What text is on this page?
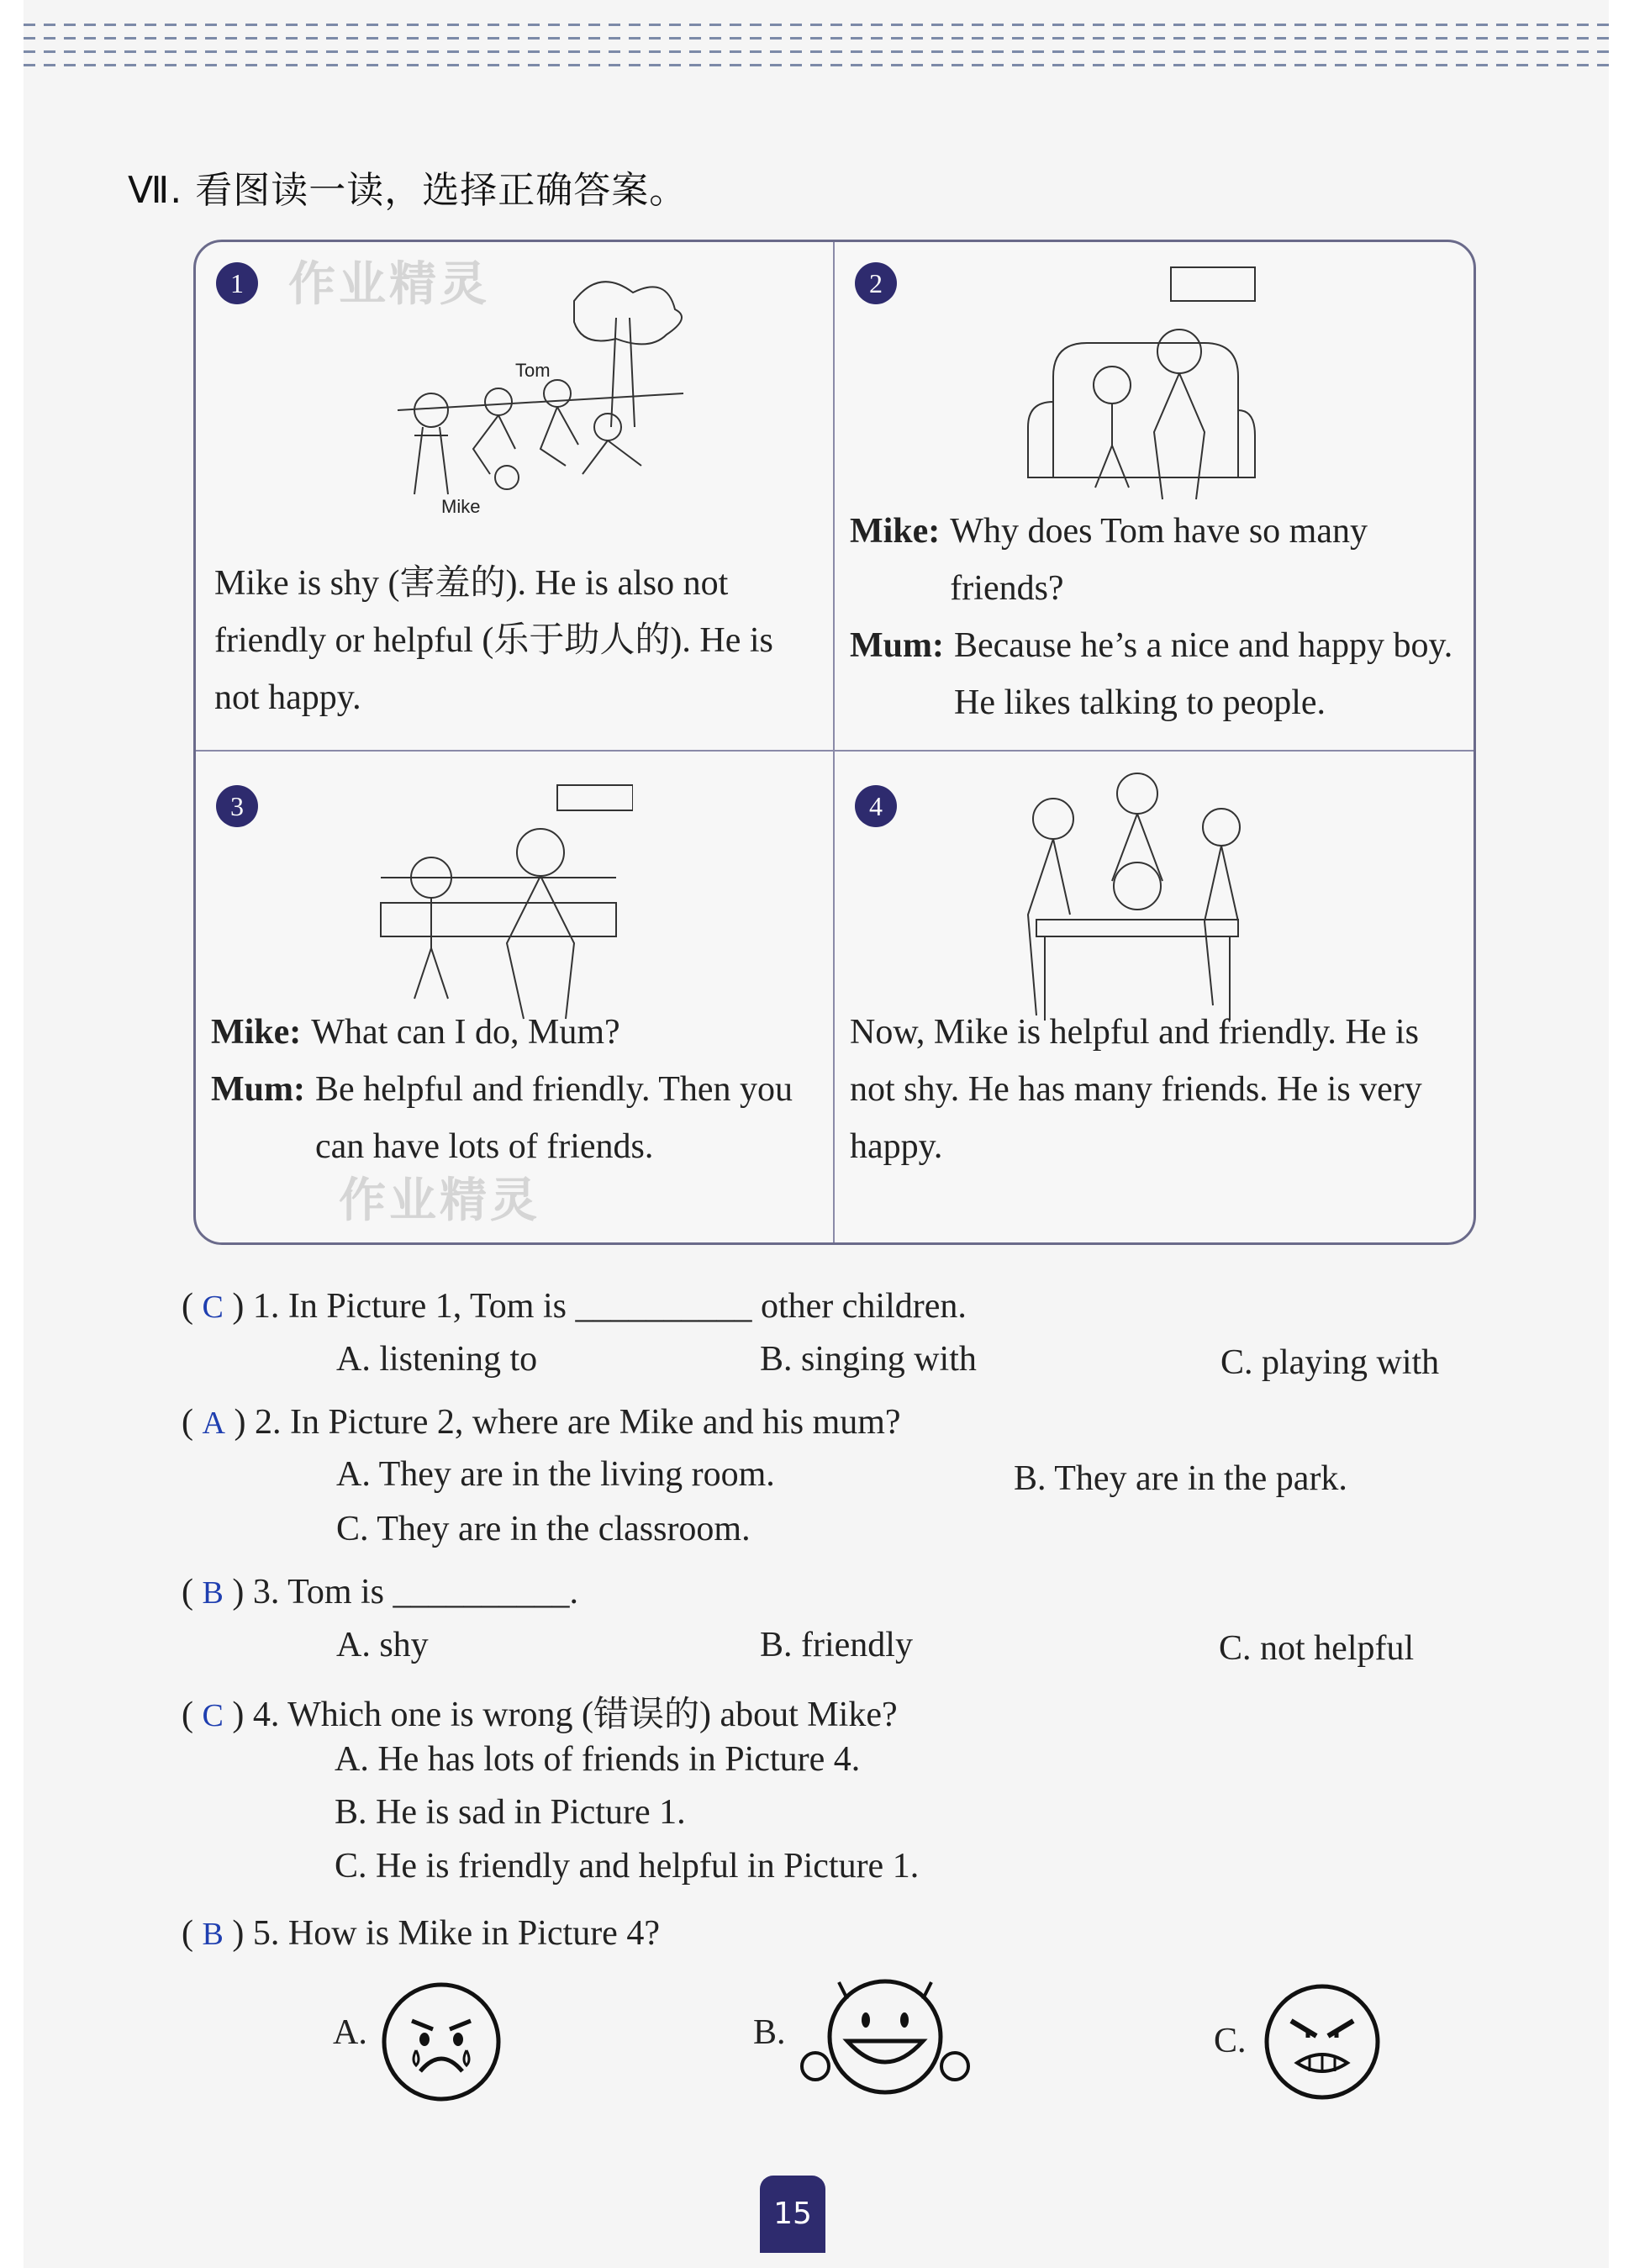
Ⅶ. 看图读一读，选择正确答案。
1 作业精灵
Tom
Mike
Mike is shy (害羞的). He is also not friendly or helpful (乐于助人的). He is not happy.
2
Mike: Why does Tom have so many friends?
Mum: Because he’s a nice and happy boy. He likes talking to people.
3
Mike: What can I do, Mum?
Mum: Be helpful and friendly. Then you can have lots of friends.
作业精灵
4
Now, Mike is helpful and friendly. He is not shy. He has many friends. He is very happy.
( C ) 1. In Picture 1, Tom is __________ other children.
A. listening to	B. singing with	C. playing with
( A ) 2. In Picture 2, where are Mike and his mum?
A. They are in the living room.	B. They are in the park.
C. They are in the classroom.
( B ) 3. Tom is __________.
A. shy	B. friendly	C. not helpful
( C ) 4. Which one is wrong (错误的) about Mike?
A. He has lots of friends in Picture 4.
B. He is sad in Picture 1.
C. He is friendly and helpful in Picture 1.
( B ) 5. How is Mike in Picture 4?
A.	B.	C.
15
